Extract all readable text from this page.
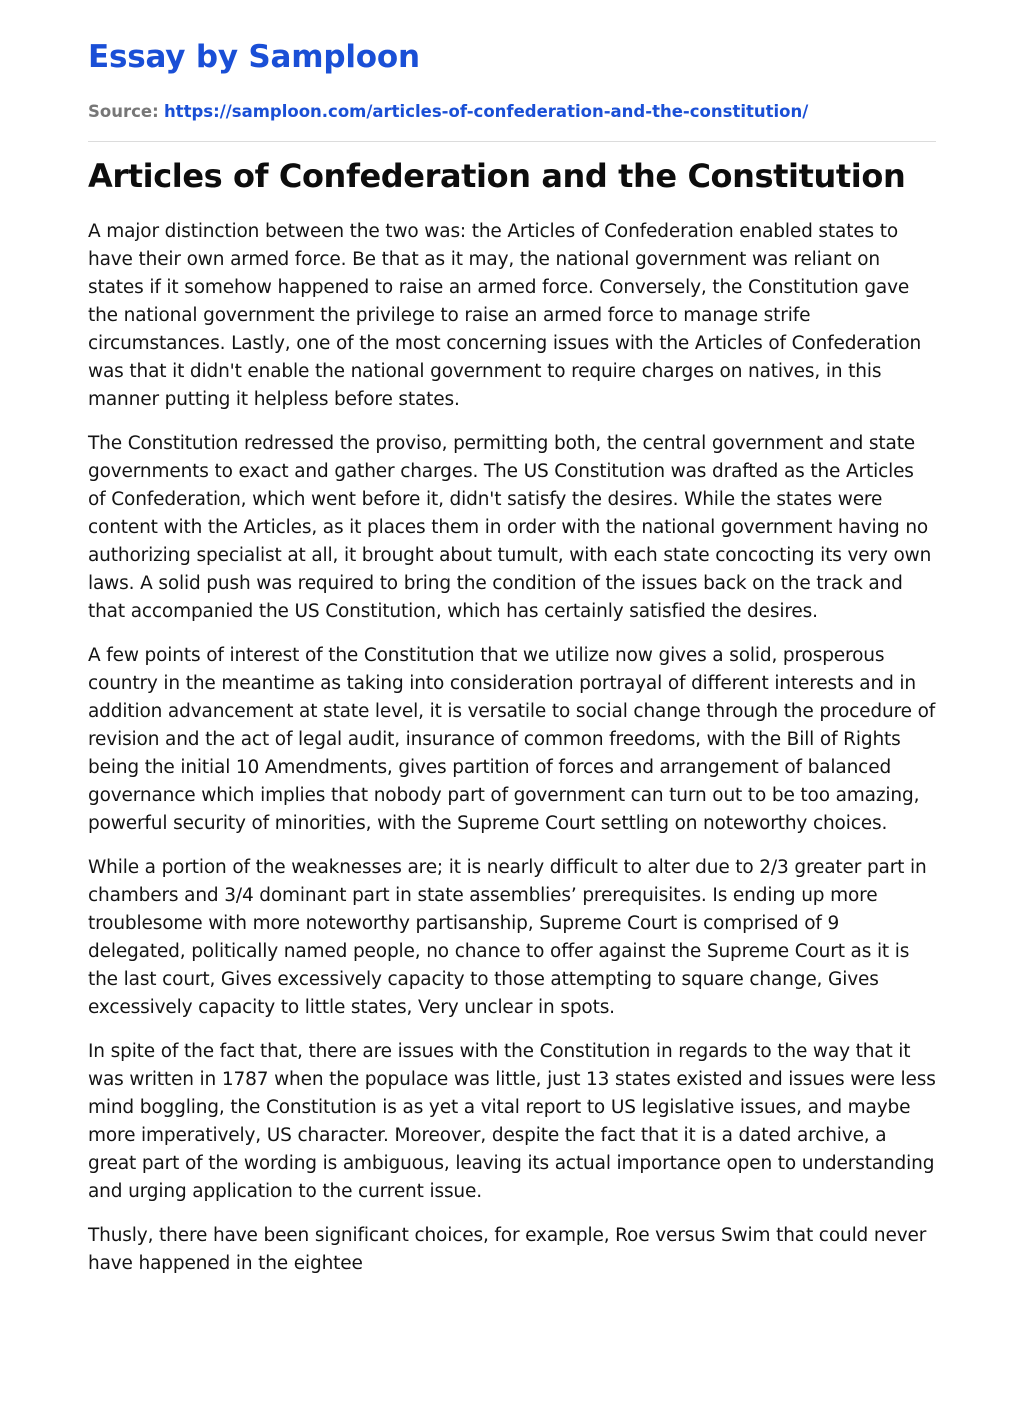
Essay by Samploon
Source: https://samploon.com/articles-of-confederation-and-the-constitution/
Articles of Confederation and the Constitution

A major distinction between the two was: the Articles of Confederation enabled states to have their own armed force. Be that as it may, the national government was reliant on states if it somehow happened to raise an armed force. Conversely, the Constitution gave the national government the privilege to raise an armed force to manage strife circumstances. Lastly, one of the most concerning issues with the Articles of Confederation was that it didn't enable the national government to require charges on natives, in this manner putting it helpless before states.

The Constitution redressed the proviso, permitting both, the central government and state governments to exact and gather charges. The US Constitution was drafted as the Articles of Confederation, which went before it, didn't satisfy the desires. While the states were content with the Articles, as it places them in order with the national government having no authorizing specialist at all, it brought about tumult, with each state concocting its very own laws. A solid push was required to bring the condition of the issues back on the track and that accompanied the US Constitution, which has certainly satisfied the desires.

A few points of interest of the Constitution that we utilize now gives a solid, prosperous country in the meantime as taking into consideration portrayal of different interests and in addition advancement at state level, it is versatile to social change through the procedure of revision and the act of legal audit, insurance of common freedoms, with the Bill of Rights being the initial 10 Amendments, gives partition of forces and arrangement of balanced governance which implies that nobody part of government can turn out to be too amazing, powerful security of minorities, with the Supreme Court settling on noteworthy choices.

While a portion of the weaknesses are; it is nearly difficult to alter due to 2/3 greater part in chambers and 3/4 dominant part in state assemblies’ prerequisites. Is ending up more troublesome with more noteworthy partisanship, Supreme Court is comprised of 9 delegated, politically named people, no chance to offer against the Supreme Court as it is the last court, Gives excessively capacity to those attempting to square change, Gives excessively capacity to little states, Very unclear in spots.

In spite of the fact that, there are issues with the Constitution in regards to the way that it was written in 1787 when the populace was little, just 13 states existed and issues were less mind boggling, the Constitution is as yet a vital report to US legislative issues, and maybe more imperatively, US character. Moreover, despite the fact that it is a dated archive, a great part of the wording is ambiguous, leaving its actual importance open to understanding and urging application to the current issue.

Thusly, there have been significant choices, for example, Roe versus Swim that could never have happened in the eightee
